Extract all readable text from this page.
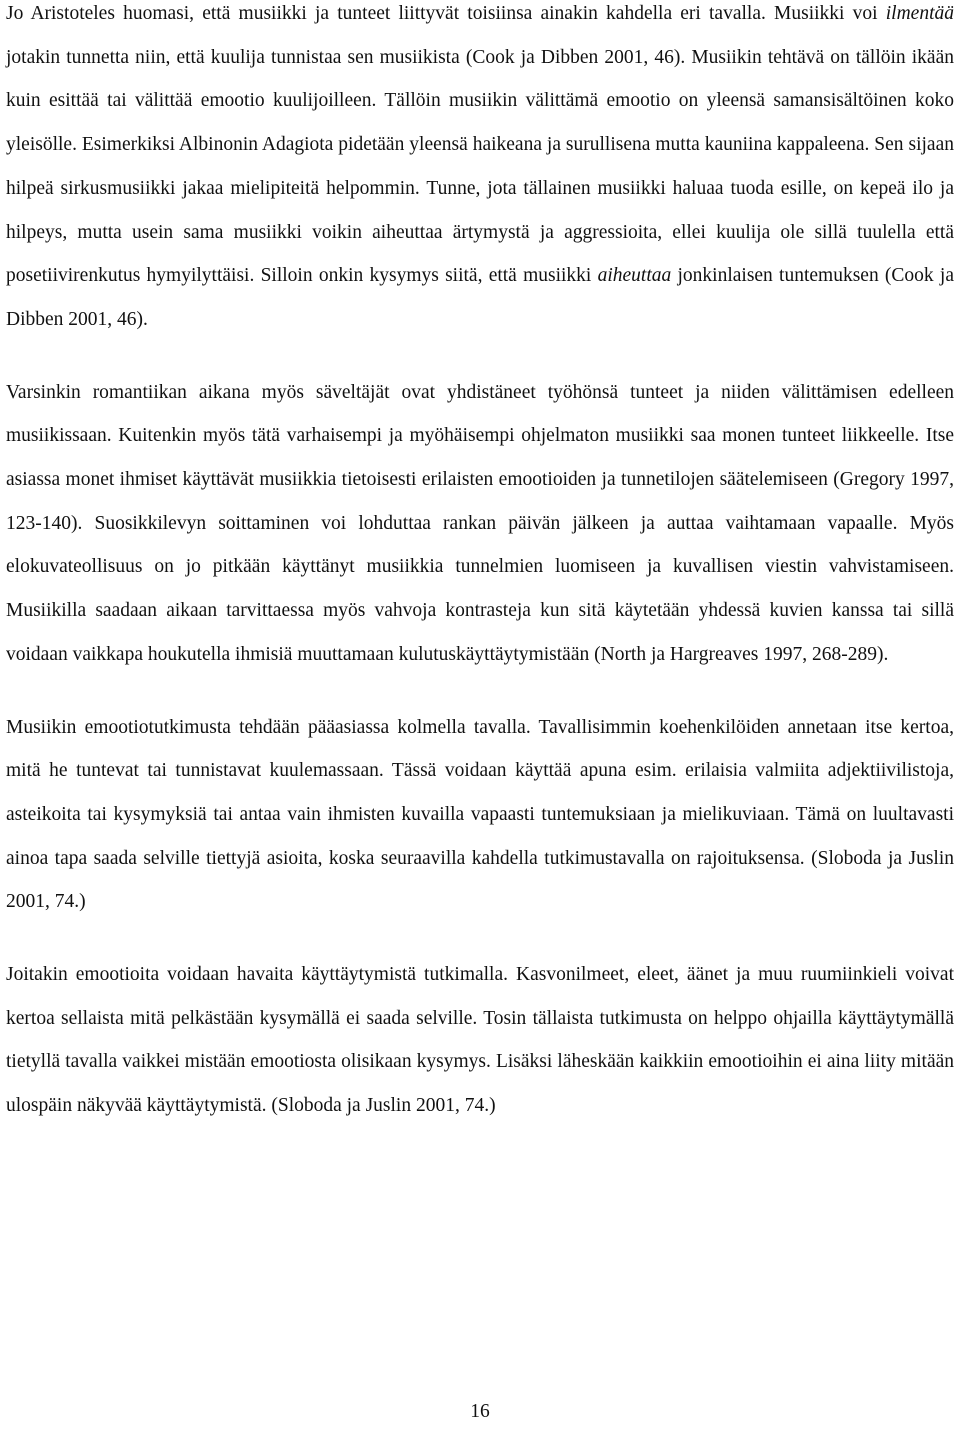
Jo Aristoteles huomasi, että musiikki ja tunteet liittyvät toisiinsa ainakin kahdella eri tavalla. Musiikki voi ilmentää jotakin tunnetta niin, että kuulija tunnistaa sen musiikista (Cook ja Dibben 2001, 46). Musiikin tehtävä on tällöin ikään kuin esittää tai välittää emootio kuulijoilleen. Tällöin musiikin välittämä emootio on yleensä samansisältöinen koko yleisölle. Esimerkiksi Albinonin Adagiota pidetään yleensä haikeana ja surullisena mutta kauniina kappaleena. Sen sijaan hilpeä sirkusmusiikki jakaa mielipiteitä helpommin. Tunne, jota tällainen musiikki haluaa tuoda esille, on kepeä ilo ja hilpeys, mutta usein sama musiikki voikin aiheuttaa ärtymystä ja aggressioita, ellei kuulija ole sillä tuulella että posetiivirenkutus hymyilyttäisi. Silloin onkin kysymys siitä, että musiikki aiheuttaa jonkinlaisen tuntemuksen (Cook ja Dibben 2001, 46).

Varsinkin romantiikan aikana myös säveltäjät ovat yhdistäneet työhönsä tunteet ja niiden välittämisen edelleen musiikissaan. Kuitenkin myös tätä varhaisempi ja myöhäisempi ohjelmaton musiikki saa monen tunteet liikkeelle. Itse asiassa monet ihmiset käyttävät musiikkia tietoisesti erilaisten emootioiden ja tunnetilojen säätelemiseen (Gregory 1997, 123-140). Suosikkilevyn soittaminen voi lohduttaa rankan päivän jälkeen ja auttaa vaihtamaan vapaalle. Myös elokuvateollisuus on jo pitkään käyttänyt musiikkia tunnelmien luomiseen ja kuvallisen viestin vahvistamiseen. Musiikilla saadaan aikaan tarvittaessa myös vahvoja kontrasteja kun sitä käytetään yhdessä kuvien kanssa tai sillä voidaan vaikkapa houkutella ihmisiä muuttamaan kulutuskäyttäytymistään (North ja Hargreaves 1997, 268-289).

Musiikin emootiotutkimusta tehdään pääasiassa kolmella tavalla. Tavallisimmin koehenkilöiden annetaan itse kertoa, mitä he tuntevat tai tunnistavat kuulemassaan. Tässä voidaan käyttää apuna esim. erilaisia valmiita adjektiivilistoja, asteikoita tai kysymyksiä tai antaa vain ihmisten kuvailla vapaasti tuntemuksiaan ja mielikuviaan. Tämä on luultavasti ainoa tapa saada selville tiettyjä asioita, koska seuraavilla kahdella tutkimustavalla on rajoituksensa. (Sloboda ja Juslin 2001, 74.)

Joitakin emootioita voidaan havaita käyttäytymistä tutkimalla. Kasvonilmeet, eleet, äänet ja muu ruumiinkieli voivat kertoa sellaista mitä pelkästään kysymällä ei saada selville. Tosin tällaista tutkimusta on helppo ohjailla käyttäytymällä tietyllä tavalla vaikkei mistään emootiosta olisikaan kysymys. Lisäksi läheskään kaikkiin emootioihin ei aina liity mitään ulospäin näkyvää käyttäytymistä. (Sloboda ja Juslin 2001, 74.)

16
